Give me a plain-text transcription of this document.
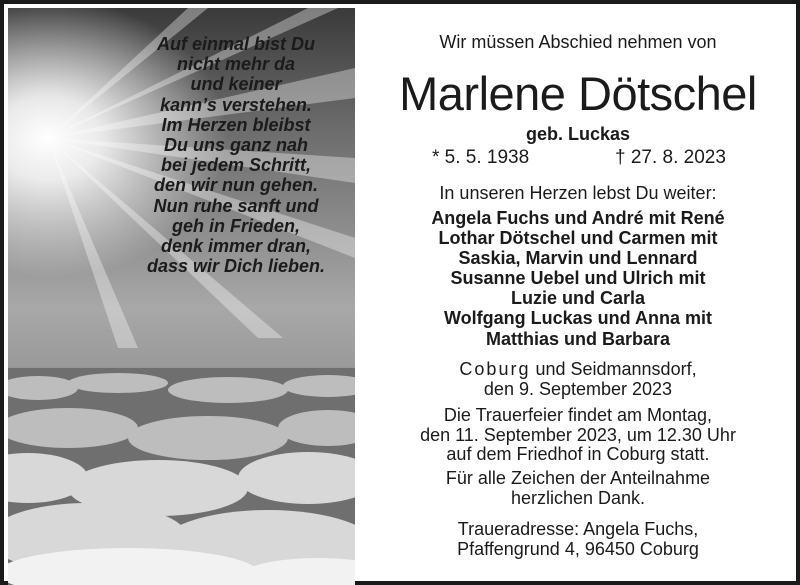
Auf einmal bist Du
nicht mehr da
und keiner
kann’s verstehen.
Im Herzen bleibst
Du uns ganz nah
bei jedem Schritt,
den wir nun gehen.
Nun ruhe sanft und
geh in Frieden,
denk immer dran,
dass wir Dich lieben.
Wir müssen Abschied nehmen von
Marlene Dötschel
geb. Luckas
* 5. 5. 1938	† 27. 8. 2023
In unseren Herzen lebst Du weiter:
Angela Fuchs und André mit René
Lothar Dötschel und Carmen mit
Saskia, Marvin und Lennard
Susanne Uebel und Ulrich mit
Luzie und Carla
Wolfgang Luckas und Anna mit
Matthias und Barbara
Coburg und Seidmannsdorf,
den 9. September 2023
Die Trauerfeier findet am Montag,
den 11. September 2023, um 12.30 Uhr
auf dem Friedhof in Coburg statt.
Für alle Zeichen der Anteilnahme
herzlichen Dank.
Traueradresse: Angela Fuchs,
Pfaffengrund 4, 96450 Coburg
